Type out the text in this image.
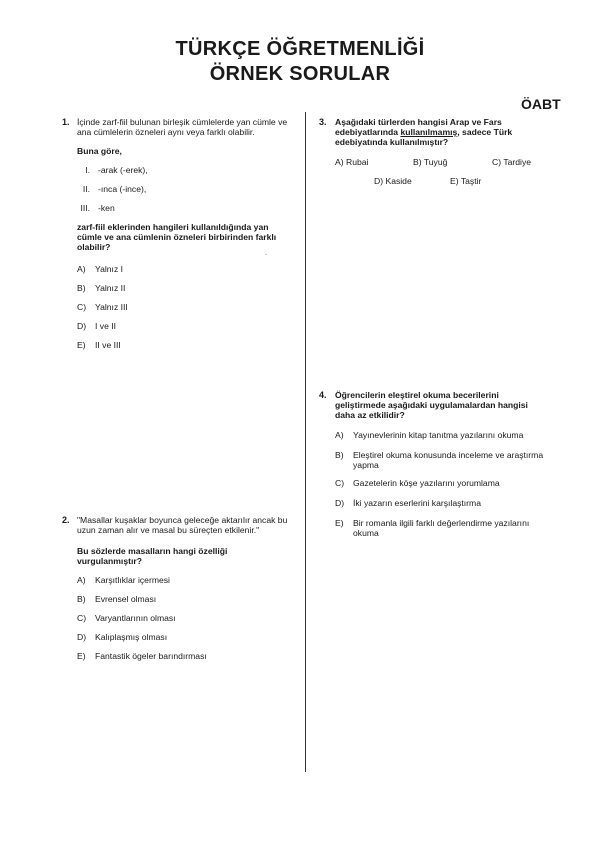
TÜRKÇE ÖĞRETMENLİĞİ
ÖRNEK SORULAR
ÖABT
1. İçinde zarf-fiil bulunan birleşik cümlelerde yan cümle ve
ana cümlelerin özneleri aynı veya farklı olabilir.
Buna göre,
I. -arak (-erek),
II. -ınca (-ince),
III. -ken
zarf-fiil eklerinden hangileri kullanıldığında yan
cümle ve ana cümlenin özneleri birbirinden farklı
olabilir?
ˇ
A) Yalnız I
B) Yalnız II
C) Yalnız III
D) I ve II
E) II ve III
2. "Masallar kuşaklar boyunca geleceğe aktarılır ancak bu
uzun zaman alır ve masal bu süreçten etkilenir."
Bu sözlerde masalların hangi özelliği
vurgulanmıştır?
A) Karşıtlıklar içermesi
B) Evrensel olması
C) Varyantlarının olması
D) Kalıplaşmış olması
E) Fantastik ögeler barındırması
3. Aşağıdaki türlerden hangisi Arap ve Fars
edebiyatlarında kullanılmamış, sadece Türk
edebiyatında kullanılmıştır?
A) Rubai	B) Tuyuğ	C) Tardiye
D) Kaside	E) Taştir
4. Öğrencilerin eleştirel okuma becerilerini
geliştirmede aşağıdaki uygulamalardan hangisi
daha az etkilidir?
A) Yayınevlerinin kitap tanıtma yazılarını okuma
B) Eleştirel okuma konusunda inceleme ve araştırma
yapma
C) Gazetelerin köşe yazılarını yorumlama
D) İki yazarın eserlerini karşılaştırma
E) Bir romanla ilgili farklı değerlendirme yazılarını
okuma
